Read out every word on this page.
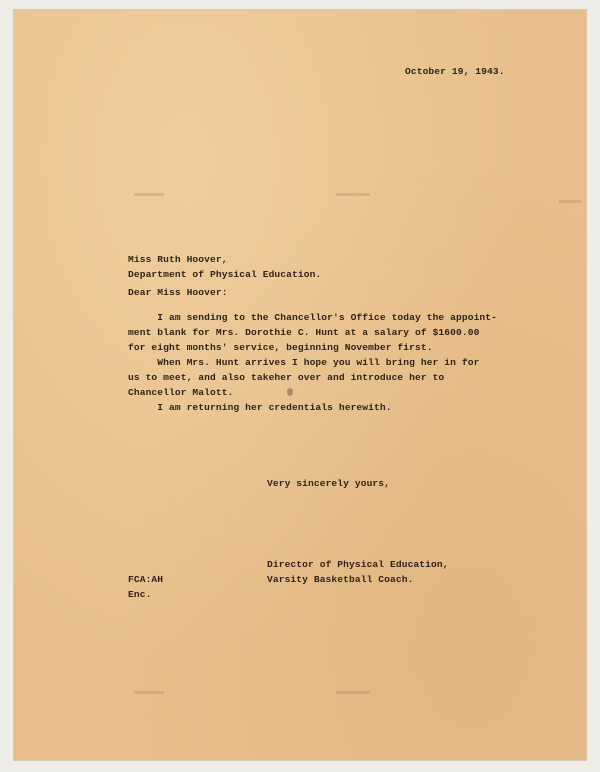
October 19, 1943.
Miss Ruth Hoover,
Department of Physical Education.
Dear Miss Hoover:
I am sending to the Chancellor's Office today the appoint-
ment blank for Mrs. Dorothie C. Hunt at a salary of $1600.00
for eight months' service, beginning November first.
When Mrs. Hunt arrives I hope you will bring her in for
us to meet, and also takeher over and introduce her to
Chancellor Malott.
I am returning her credentials herewith.
Very sincerely yours,
Director of Physical Education,
Varsity Basketball Coach.
FCA:AH
Enc.
